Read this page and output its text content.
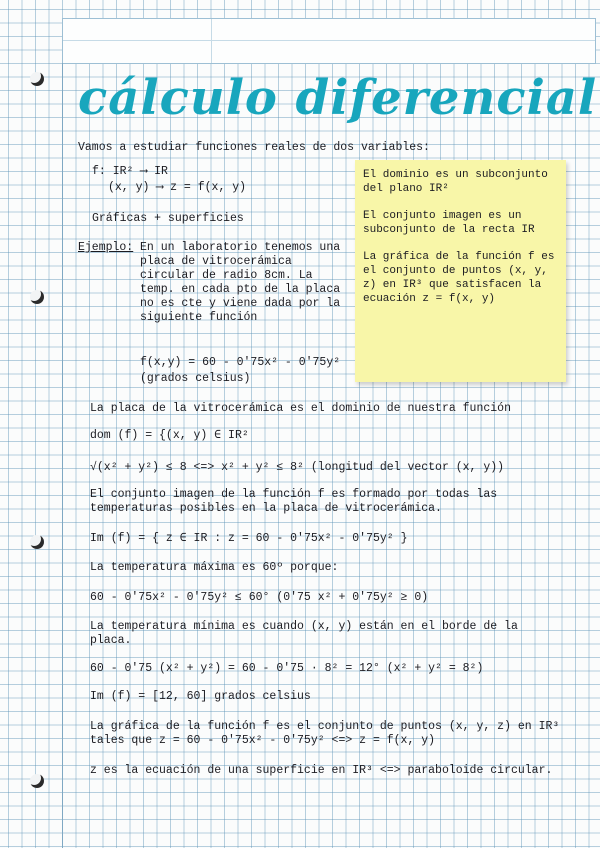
cálculo diferencial
Vamos a estudiar funciones reales de dos variables:
f: IR² ⟶ IR
(x, y) ⟶ z = f(x, y)
Gráficas + superficies
Ejemplo: En un laboratorio tenemos una placa de vitrocerámica circular de radio 8cm. La temp. en cada pto de la placa no es cte y viene dada por la siguiente función
f(x,y) = 60 - 0'75x² - 0'75y²
(grados celsius)
El dominio es un subconjunto del plano IR²
El conjunto imagen es un subconjunto de la recta IR
La gráfica de la función f es el conjunto de puntos (x, y, z) en IR³ que satisfacen la ecuación z = f(x, y)
La placa de la vitrocerámica es el dominio de nuestra función
dom (f) = {(x, y) ∈ IR²
√(x² + y²) ≤ 8 <=> x² + y² ≤ 8² (longitud del vector (x, y))
El conjunto imagen de la función f es formado por todas las temperaturas posibles en la placa de vitrocerámica.
Im (f) = { z ∈ IR : z = 60 - 0'75x² - 0'75y² }
La temperatura máxima es 60º porque:
60 - 0'75x² - 0'75y² ≤ 60° (0'75 x² + 0'75y² ≥ 0)
La temperatura mínima es cuando (x, y) están en el borde de la placa.
60 - 0'75 (x² + y²) = 60 - 0'75 · 8² = 12° (x² + y² = 8²)
Im (f) = [12, 60] grados celsius
La gráfica de la función f es el conjunto de puntos (x, y, z) en IR³ tales que z = 60 - 0'75x² - 0'75y² <=> z = f(x, y)
z es la ecuación de una superficie en IR³ <=> paraboloide circular.
